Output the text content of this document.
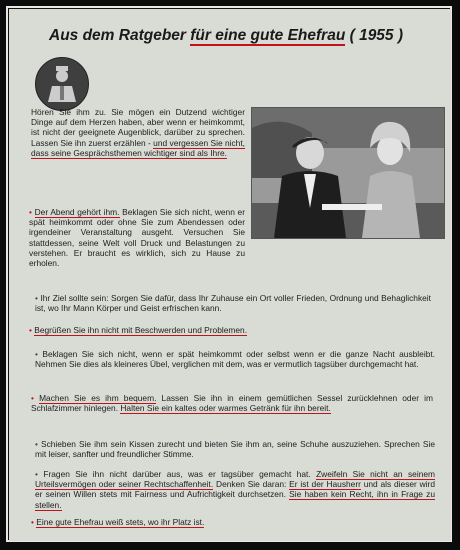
Aus dem Ratgeber für eine gute Ehefrau ( 1955 )

Hören Sie ihm zu. Sie mögen ein Dutzend wichtiger Dinge auf dem Herzen haben, aber wenn er heimkommt, ist nicht der geeignete Augenblick, darüber zu sprechen. Lassen Sie ihn zuerst erzählen - und vergessen Sie nicht, dass seine Gesprächsthemen wichtiger sind als Ihre.

• Der Abend gehört ihm. Beklagen Sie sich nicht, wenn er spät heimkommt oder ohne Sie zum Abendessen oder irgendeiner Veranstaltung ausgeht. Versuchen Sie stattdessen, seine Welt voll Druck und Belastungen zu verstehen. Er braucht es wirklich, sich zu Hause zu erholen.

• Ihr Ziel sollte sein: Sorgen Sie dafür, dass Ihr Zuhause ein Ort voller Frieden, Ordnung und Behaglichkeit ist, wo Ihr Mann Körper und Geist erfrischen kann.

• Begrüßen Sie ihn nicht mit Beschwerden und Problemen.

• Beklagen Sie sich nicht, wenn er spät heimkommt oder selbst wenn er die ganze Nacht ausbleibt. Nehmen Sie dies als kleineres Übel, verglichen mit dem, was er vermutlich tagsüber durchgemacht hat.

• Machen Sie es ihm bequem. Lassen Sie ihn in einem gemütlichen Sessel zurücklehnen oder im Schlafzimmer hinlegen. Halten Sie ein kaltes oder warmes Getränk für ihn bereit.

• Schieben Sie ihm sein Kissen zurecht und bieten Sie ihm an, seine Schuhe auszuziehen. Sprechen Sie mit leiser, sanfter und freundlicher Stimme.

• Fragen Sie ihn nicht darüber aus, was er tagsüber gemacht hat. Zweifeln Sie nicht an seinem Urteilsvermögen oder seiner Rechtschaffenheit. Denken Sie daran: Er ist der Hausherr und als dieser wird er seinen Willen stets mit Fairness und Aufrichtigkeit durchsetzen. Sie haben kein Recht, ihn in Frage zu stellen.

• Eine gute Ehefrau weiß stets, wo ihr Platz ist.
